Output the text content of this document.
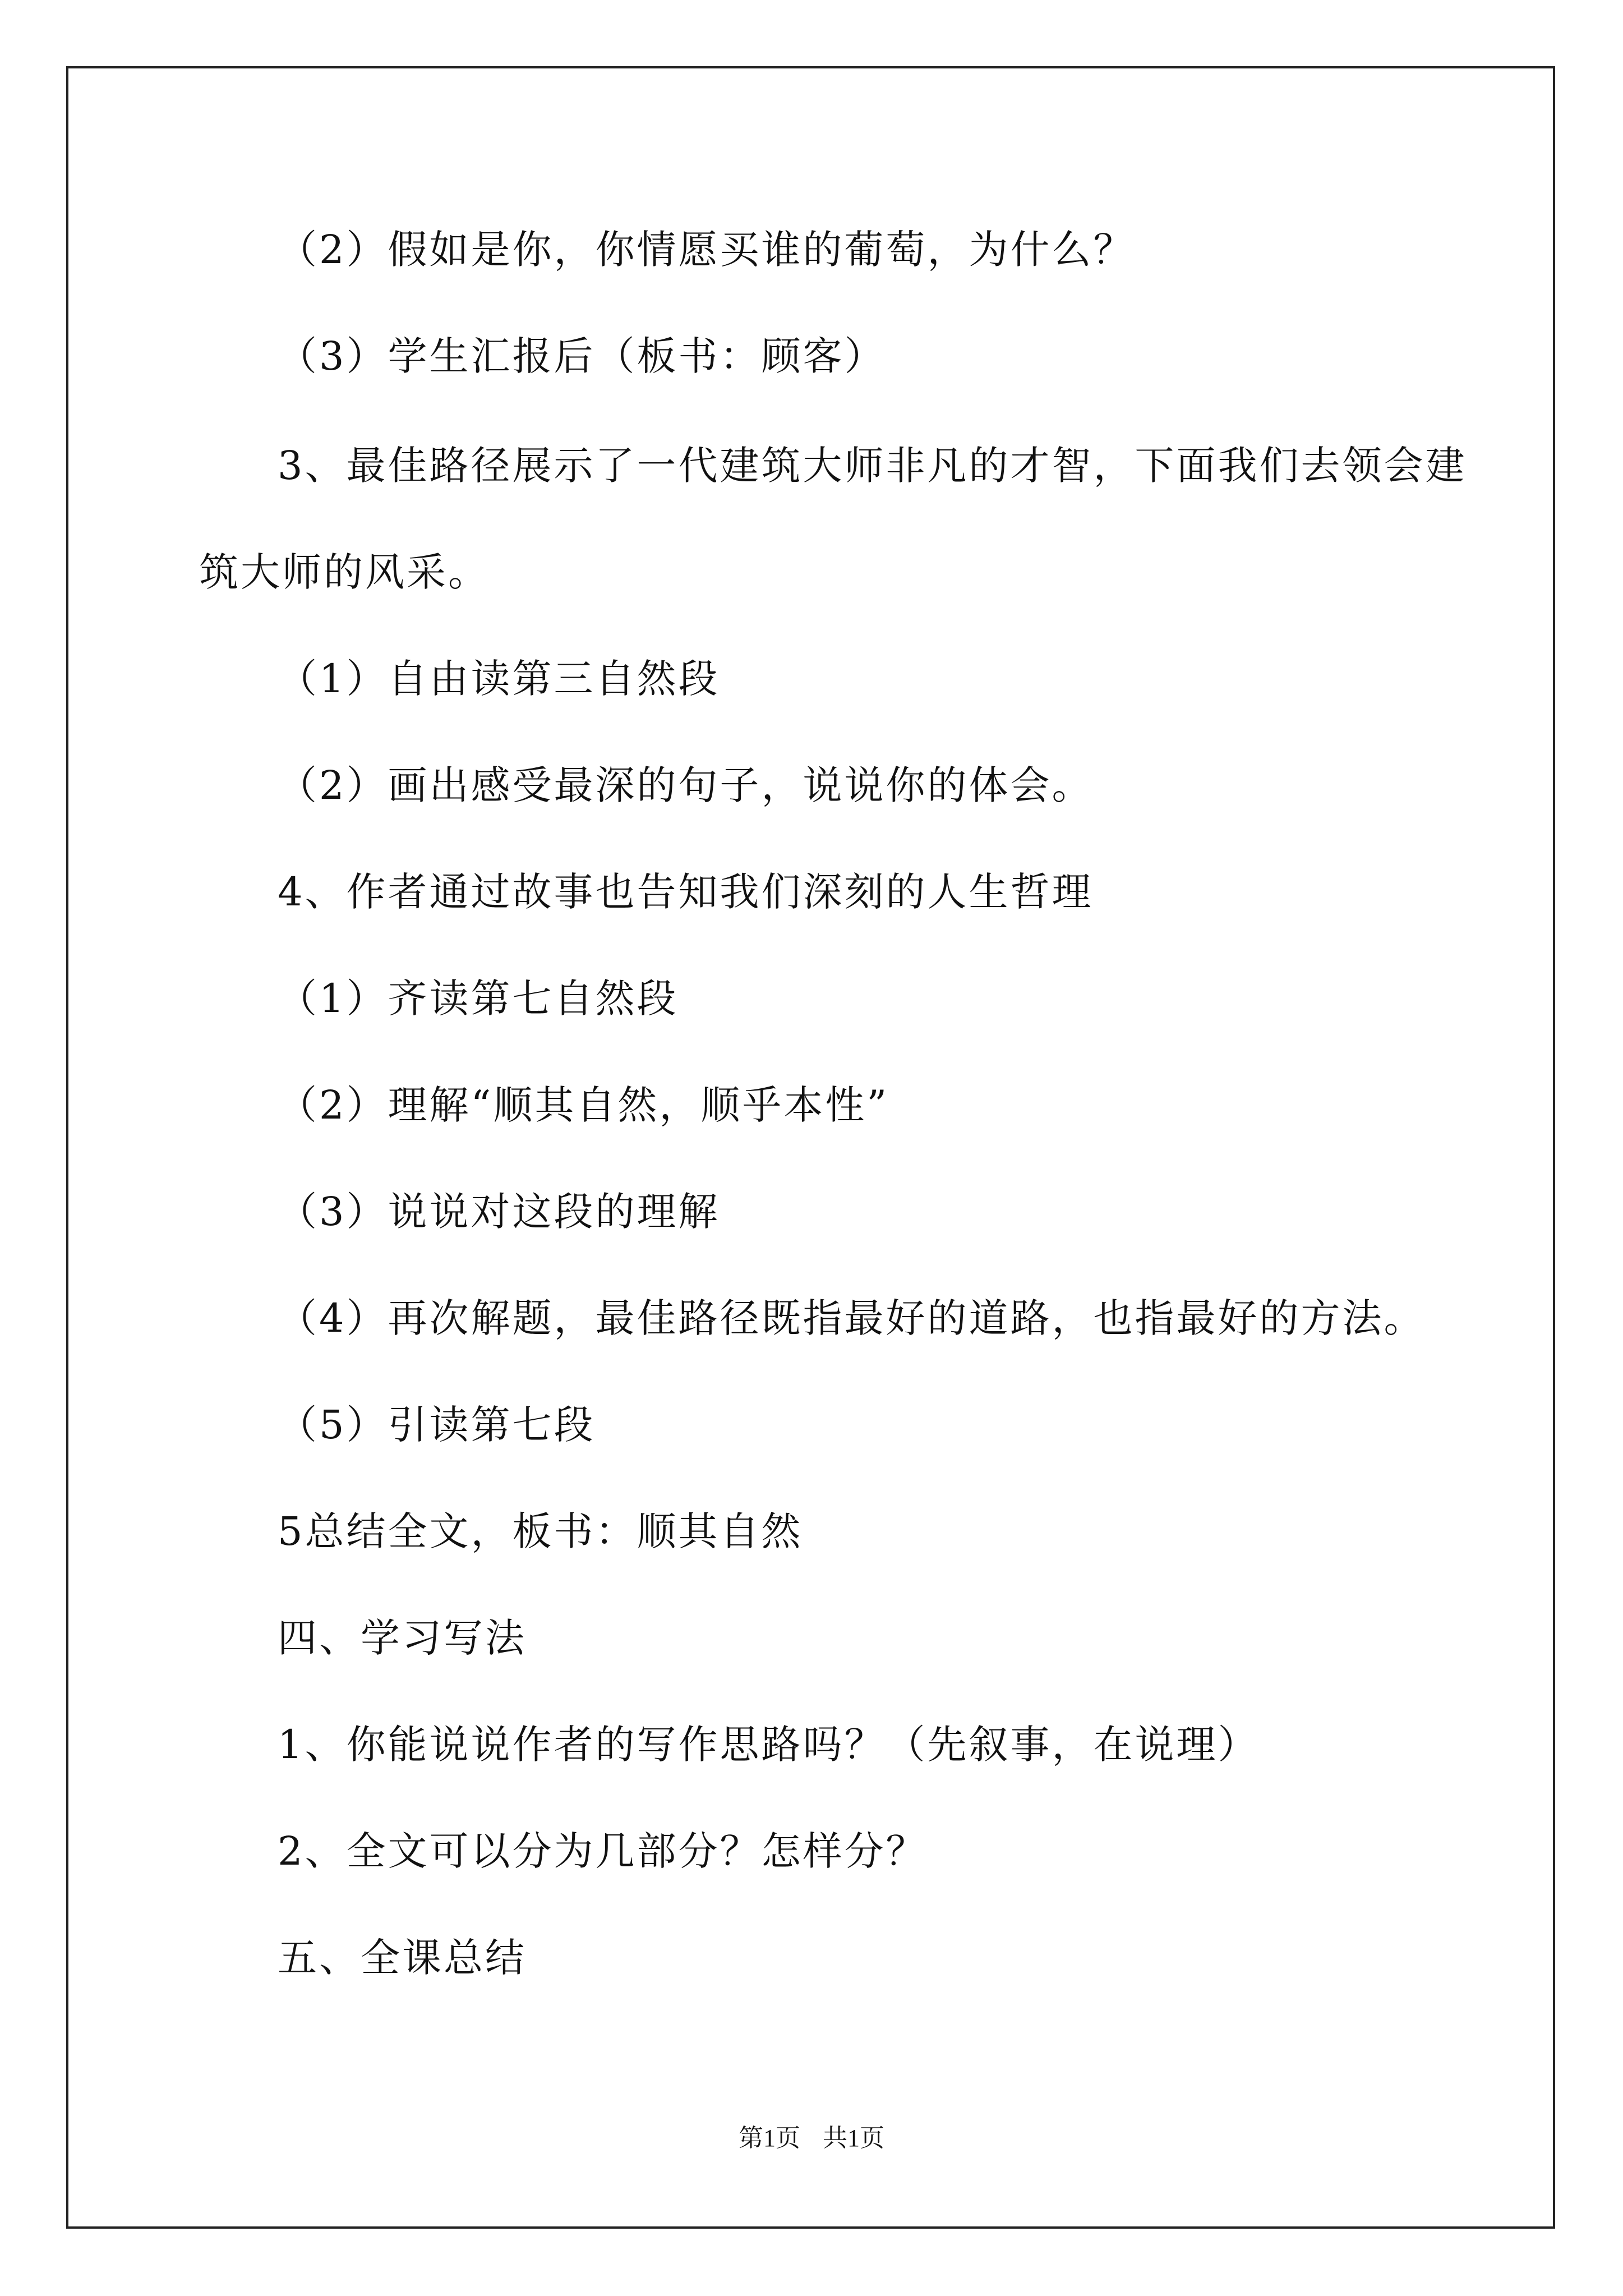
（2）假如是你，你情愿买谁的葡萄，为什么？
（3）学生汇报后（板书：顾客）
3、最佳路径展示了一代建筑大师非凡的才智，下面我们去领会建
筑大师的风采。
（1）自由读第三自然段
（2）画出感受最深的句子，说说你的体会。
4、作者通过故事也告知我们深刻的人生哲理
（1）齐读第七自然段
（2）理解“顺其自然，顺乎本性”
（3）说说对这段的理解
（4）再次解题，最佳路径既指最好的道路，也指最好的方法。
（5）引读第七段
5总结全文，板书：顺其自然
四、学习写法
1、你能说说作者的写作思路吗？（先叙事，在说理）
2、全文可以分为几部分？怎样分？
五、全课总结
第1页 共1页
